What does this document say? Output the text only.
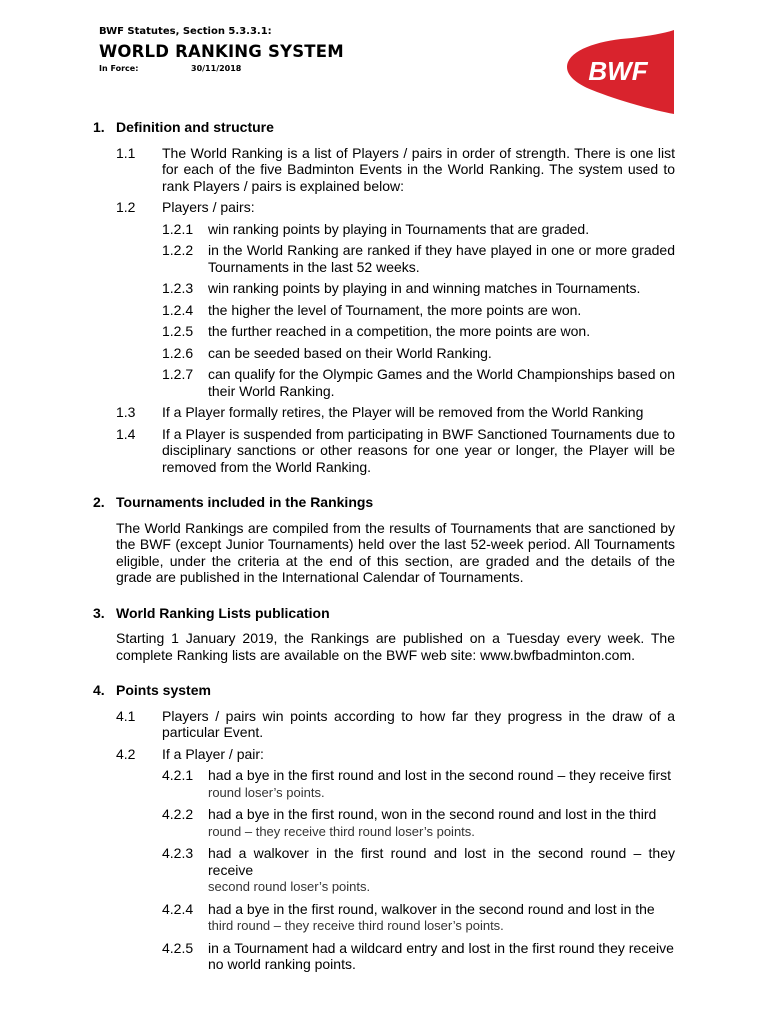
BWF Statutes, Section 5.3.3.1:
WORLD RANKING SYSTEM
In Force:	30/11/2018	BWF
1. Definition and structure
1.1	The World Ranking is a list of Players / pairs in order of strength. There is one list for each of the five Badminton Events in the World Ranking. The system used to rank Players / pairs is explained below:
1.2	Players / pairs:
1.2.1	win ranking points by playing in Tournaments that are graded.
1.2.2	in the World Ranking are ranked if they have played in one or more graded Tournaments in the last 52 weeks.
1.2.3	win ranking points by playing in and winning matches in Tournaments.
1.2.4	the higher the level of Tournament, the more points are won.
1.2.5	the further reached in a competition, the more points are won.
1.2.6	can be seeded based on their World Ranking.
1.2.7	can qualify for the Olympic Games and the World Championships based on their World Ranking.
1.3	If a Player formally retires, the Player will be removed from the World Ranking
1.4	If a Player is suspended from participating in BWF Sanctioned Tournaments due to disciplinary sanctions or other reasons for one year or longer, the Player will be removed from the World Ranking.
2. Tournaments included in the Rankings
The World Rankings are compiled from the results of Tournaments that are sanctioned by the BWF (except Junior Tournaments) held over the last 52-week period. All Tournaments eligible, under the criteria at the end of this section, are graded and the details of the grade are published in the International Calendar of Tournaments.
3. World Ranking Lists publication
Starting 1 January 2019, the Rankings are published on a Tuesday every week. The complete Ranking lists are available on the BWF web site: www.bwfbadminton.com.
4. Points system
4.1	Players / pairs win points according to how far they progress in the draw of a particular Event.
4.2	If a Player / pair:
4.2.1	had a bye in the first round and lost in the second round – they receive first
round loser’s points.
4.2.2	had a bye in the first round, won in the second round and lost in the third
round – they receive third round loser’s points.
4.2.3	had a walkover in the first round and lost in the second round – they receive
second round loser’s points.
4.2.4	had a bye in the first round, walkover in the second round and lost in the
third round – they receive third round loser’s points.
4.2.5	in a Tournament had a wildcard entry and lost in the first round they receive
no world ranking points.
